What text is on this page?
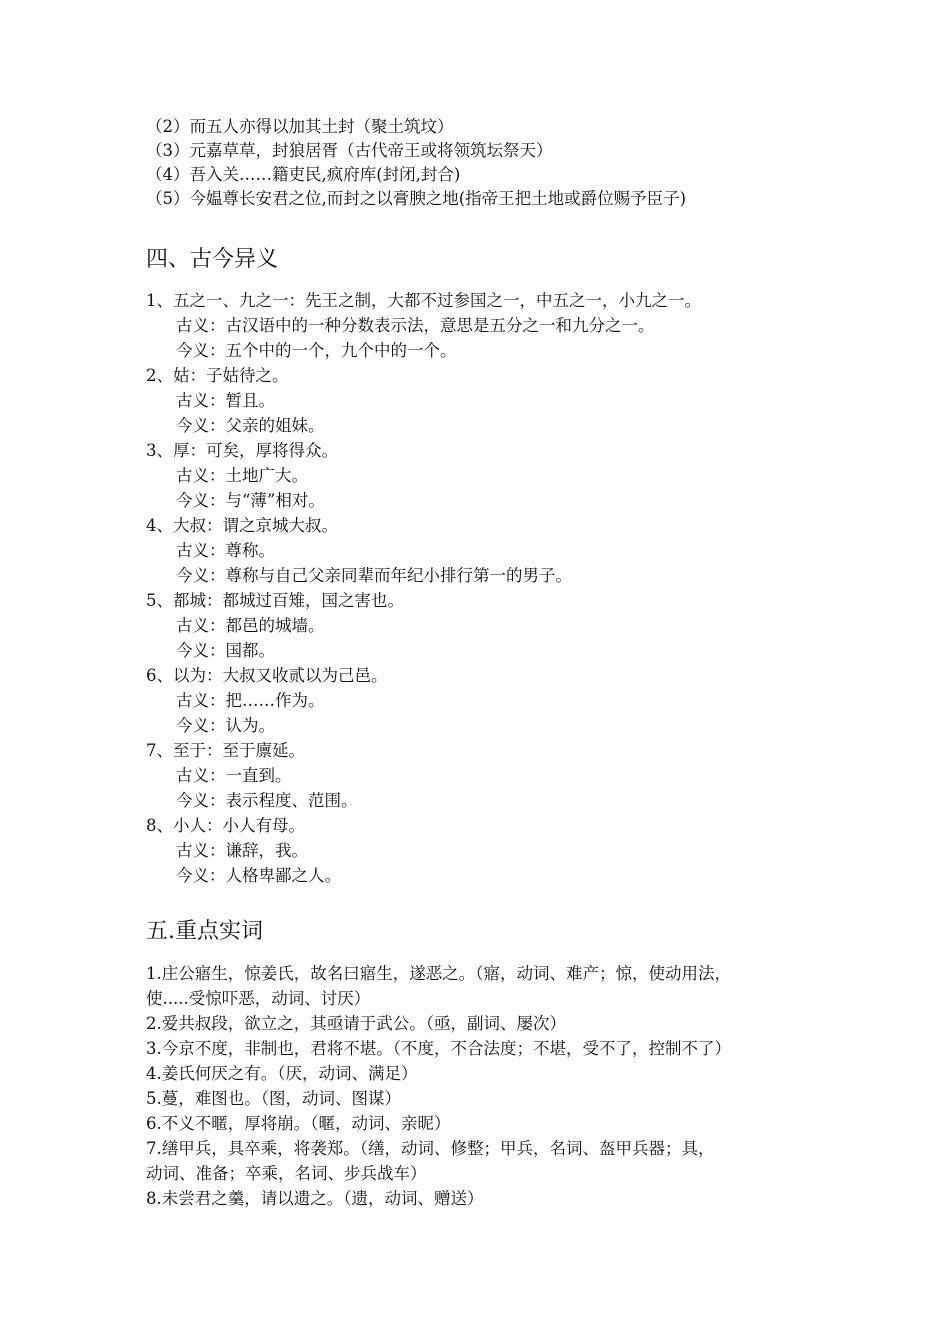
（2）而五人亦得以加其土封（聚土筑坟）
（3）元嘉草草，封狼居胥（古代帝王或将领筑坛祭天）
（4）吾入关……籍吏民,疯府库(封闭,封合)
（5）今媪尊长安君之位,而封之以膏腴之地(指帝王把土地或爵位赐予臣子)
四、古今异义
1、五之一、九之一：先王之制，大都不过参国之一，中五之一，小九之一。
古义：古汉语中的一种分数表示法，意思是五分之一和九分之一。
今义：五个中的一个，九个中的一个。
2、姑：子姑待之。
古义：暂且。
今义：父亲的姐妹。
3、厚：可矣，厚将得众。
古义：土地广大。
今义：与“薄”相对。
4、大叔：谓之京城大叔。
古义：尊称。
今义：尊称与自己父亲同辈而年纪小排行第一的男子。
5、都城：都城过百雉，国之害也。
古义：都邑的城墙。
今义：国都。
6、以为：大叔又收贰以为己邑。
古义：把……作为。
今义：认为。
7、至于：至于廪延。
古义：一直到。
今义：表示程度、范围。
8、小人：小人有母。
古义：谦辞，我。
今义：人格卑鄙之人。
五.重点实词
1.庄公寤生，惊姜氏，故名曰寤生，遂恶之。（寤，动词、难产；惊，使动用法，
使.....受惊吓恶，动词、讨厌）
2.爱共叔段，欲立之，其亟请于武公。（亟，副词、屡次）
3.今京不度，非制也，君将不堪。（不度，不合法度；不堪，受不了，控制不了）
4.姜氏何厌之有。（厌，动词、满足）
5.蔓，难图也。（图，动词、图谋）
6.不义不暱，厚将崩。（暱，动词、亲昵）
7.缮甲兵，具卒乘，将袭郑。（缮，动词、修整；甲兵，名词、盔甲兵器；具，
动词、准备；卒乘，名词、步兵战车）
8.未尝君之羹，请以遗之。（遗，动词、赠送）
